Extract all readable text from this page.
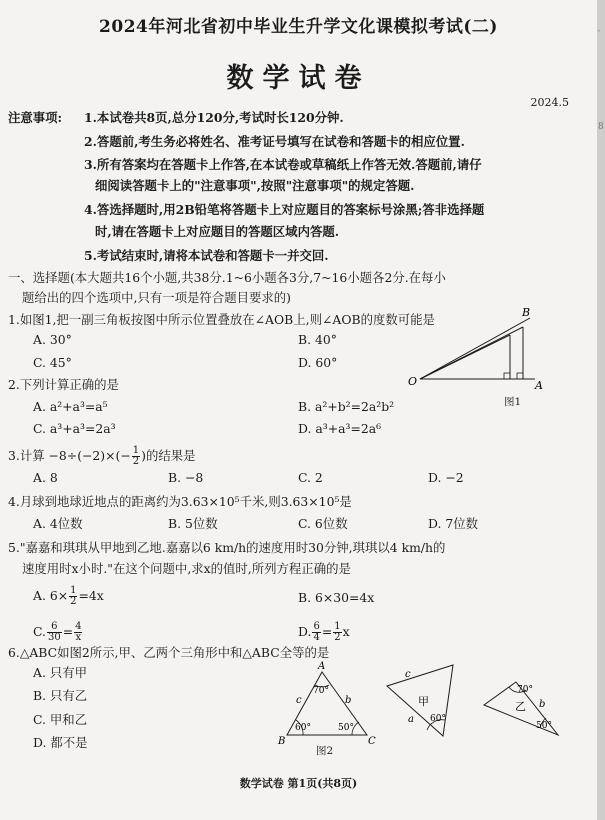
′
8
2024年河北省初中毕业生升学文化课模拟考试(二)
数学试卷
2024.5
注意事项: 1.本试卷共8页,总分120分,考试时长120分钟.
2.答题前,考生务必将姓名、准考证号填写在试卷和答题卡的相应位置.
3.所有答案均在答题卡上作答,在本试卷或草稿纸上作答无效.答题前,请仔
细阅读答题卡上的"注意事项",按照"注意事项"的规定答题.
4.答选择题时,用2B铅笔将答题卡上对应题目的答案标号涂黑;答非选择题
时,请在答题卡上对应题目的答题区域内答题.
5.考试结束时,请将本试卷和答题卡一并交回.
一、选择题(本大题共16个小题,共38分.1~6小题各3分,7~16小题各2分.在每小
题给出的四个选项中,只有一项是符合题目要求的)
1.如图1,把一副三角板按图中所示位置叠放在∠AOB上,则∠AOB的度数可能是
A. 30°	B. 40°
C. 45°	D. 60°
B
O	A
图1
2.下列计算正确的是
A. a²+a³=a⁵	B. a²+b²=2a²b²
C. a³+a³=2a³	D. a³+a³=2a⁶
3.计算 $-8\div(-2)\times(- \frac{1}{2}$ )的结果是
A. 8	B. −8	C. 2	D. −2
4.月球到地球近地点的距离约为3.63×10⁵千米,则3.63×10⁵是
A. 4位数	B. 5位数	C. 6位数	D. 7位数
5."嘉嘉和琪琪从甲地到乙地.嘉嘉以6 km/h的速度用时30分钟,琪琪以4 km/h的
速度用时x小时."在这个问题中,求x的值时,所列方程正确的是
A. $6\times \frac{1}{2} =4x$	B. 6×30=4x
C. $\frac{6}{30} = \frac{4}{x}$	D. $\frac{6}{4} = \frac{1}{2}$ x
6.△ABC如图2所示,甲、乙两个三角形中和△ABC全等的是
A. 只有甲
B. 只有乙
C. 甲和乙
D. 都不是
A
B	C
70°
60°	50°
c	b	甲
c
a 60°
70°
乙 b
50°
图2
数学试卷 第1页(共8页)
